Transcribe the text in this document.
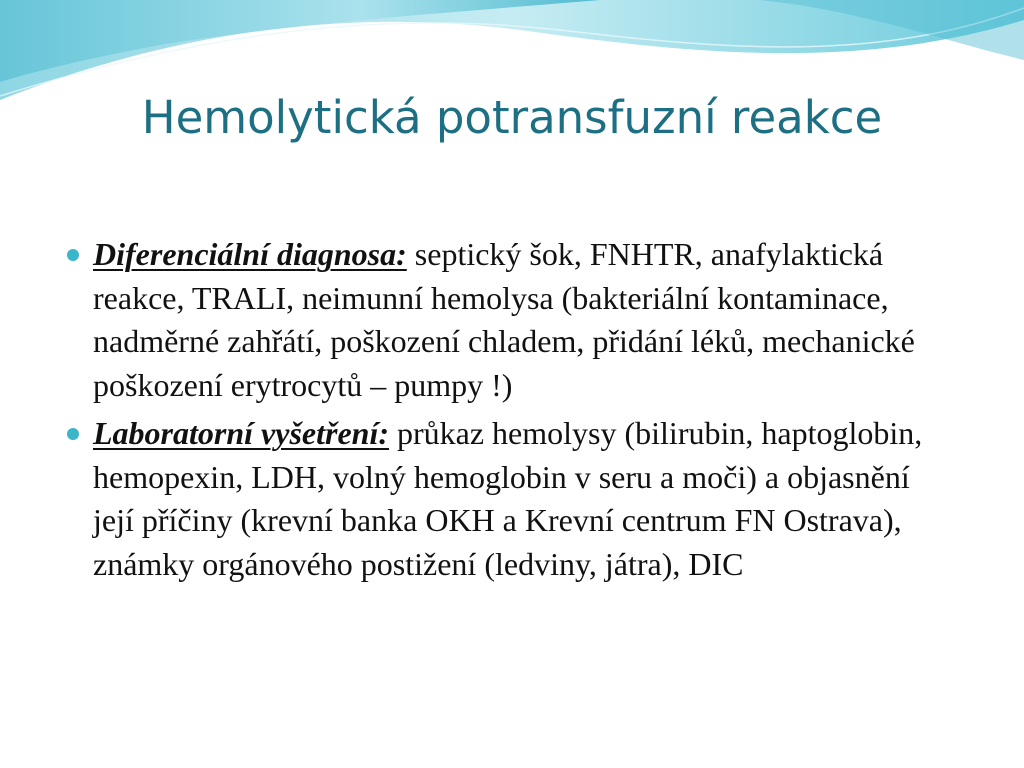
Hemolytická potransfuzní reakce
Diferenciální diagnosa: septický šok, FNHTR, anafylaktická reakce, TRALI, neimunní hemolysa (bakteriální kontaminace, nadměrné zahřátí, poškození chladem, přidání léků, mechanické poškození erytrocytů – pumpy !)
Laboratorní vyšetření: průkaz hemolysy (bilirubin, haptoglobin, hemopexin, LDH, volný hemoglobin v seru a moči) a objasnění její příčiny (krevní banka OKH a Krevní centrum FN Ostrava), známky orgánového postižení (ledviny, játra), DIC
